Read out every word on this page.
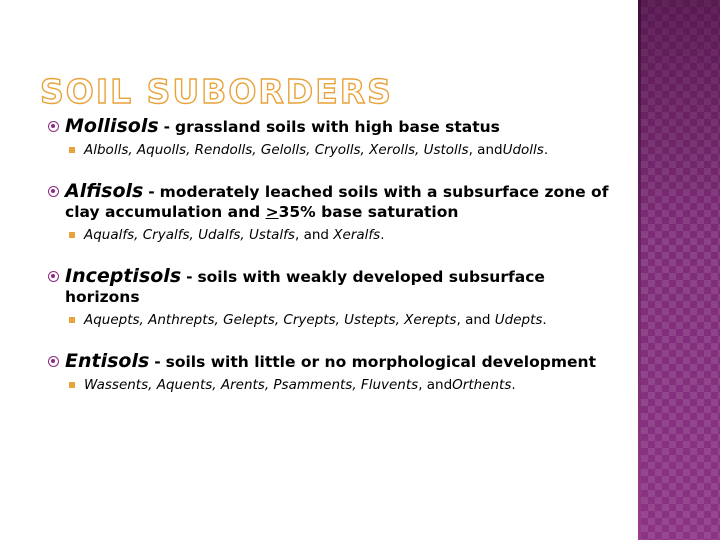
SOIL SUBORDERS
Mollisols - grassland soils with high base status
Albolls, Aquolls, Rendolls, Gelolls, Cryolls, Xerolls, Ustolls, andUdolls.
Alfisols - moderately leached soils with a subsurface zone of clay accumulation and >35% base saturation
Aqualfs, Cryalfs, Udalfs, Ustalfs, and Xeralfs.
Inceptisols - soils with weakly developed subsurface horizons
Aquepts, Anthrepts, Gelepts, Cryepts, Ustepts, Xerepts, and Udepts.
Entisols - soils with little or no morphological development
Wassents, Aquents, Arents, Psamments, Fluvents, andOrthents.
